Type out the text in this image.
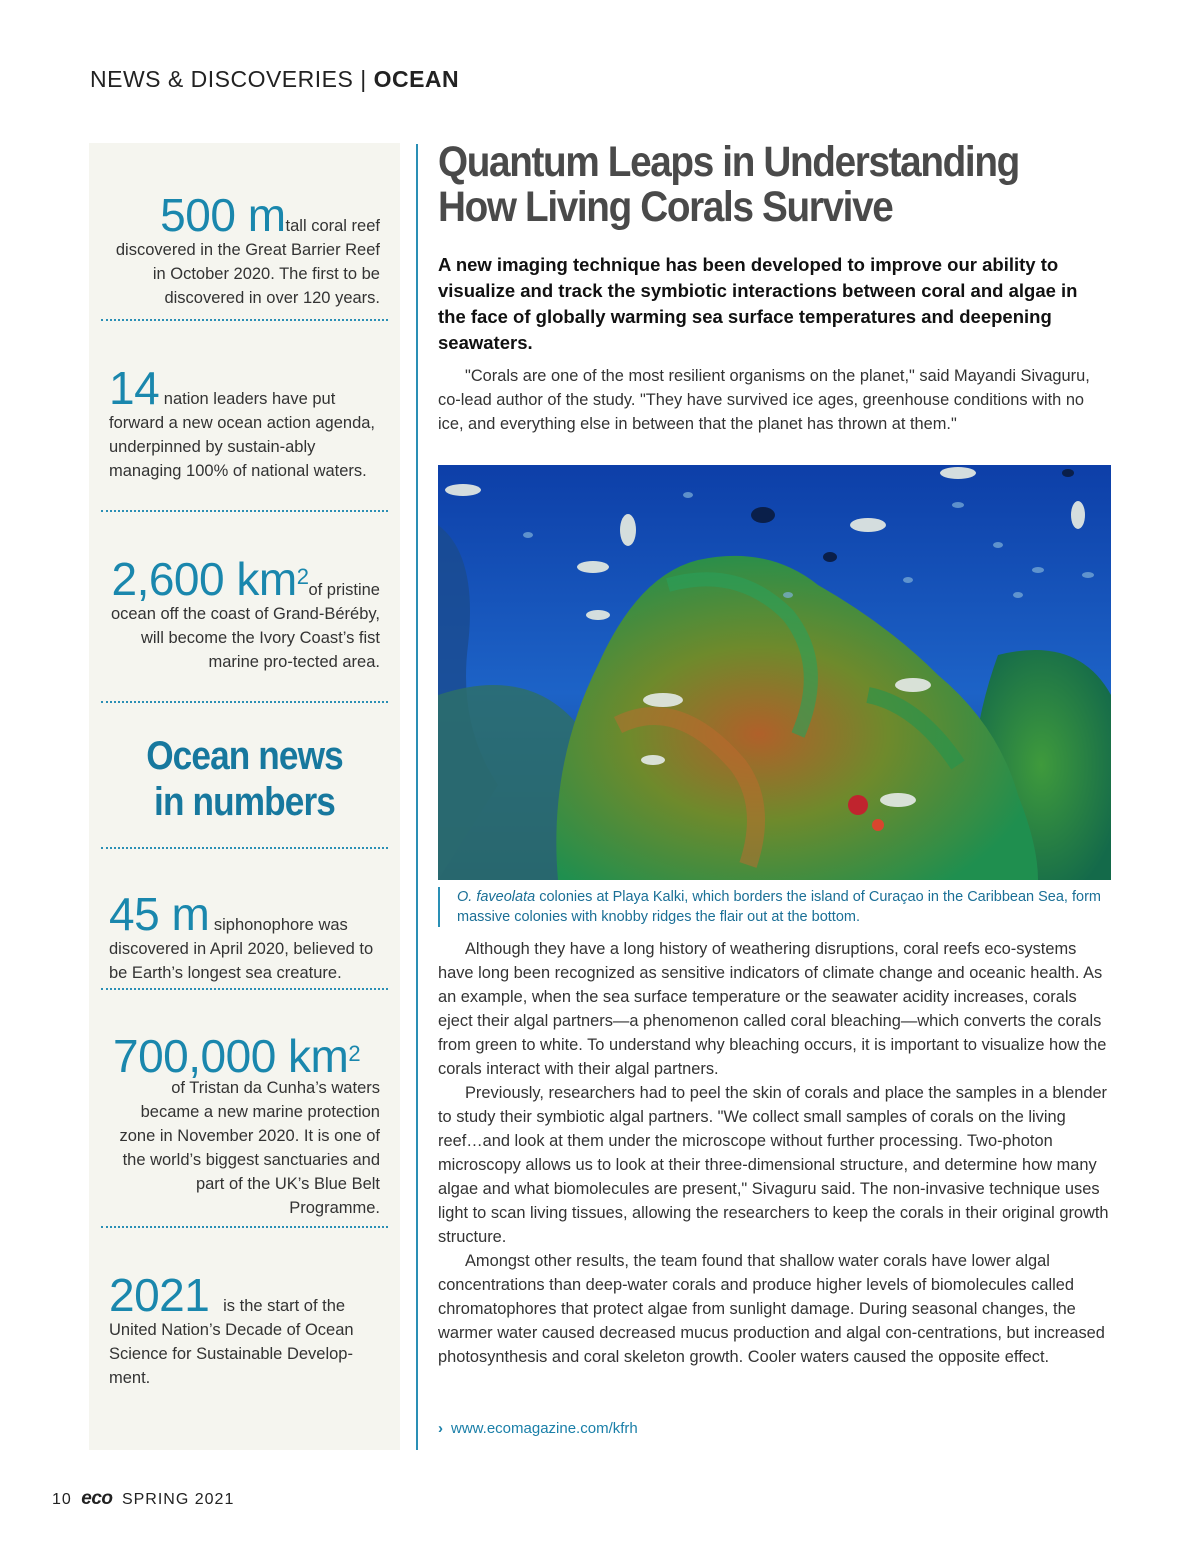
NEWS & DISCOVERIES | OCEAN
500 mtall coral reef discovered in the Great Barrier Reef in October 2020. The first to be discovered in over 120 years.
14 nation leaders have put forward a new ocean action agenda, underpinned by sustain-ably managing 100% of national waters.
2,600 $km^2of$ pristine ocean off the coast of Grand-Béréby, will become the Ivory Coast’s fist marine pro-tected area.
Ocean news
in numbers
45 m siphonophore was discovered in April 2020, believed to be Earth’s longest sea creature.
700,000 $km^2$
of Tristan da Cunha’s waters became a new marine protection zone in November 2020. It is one of the world’s biggest sanctuaries and part of the UK’s Blue Belt Programme.
2021 is the start of the United Nation’s Decade of Ocean Science for Sustainable Develop-ment.
Quantum Leaps in Understanding How Living Corals Survive
A new imaging technique has been developed to improve our ability to visualize and track the symbiotic interactions between coral and algae in the face of globally warming sea surface temperatures and deepening seawaters.

"Corals are one of the most resilient organisms on the planet," said Mayandi Sivaguru, co-lead author of the study. "They have survived ice ages, greenhouse conditions with no ice, and everything else in between that the planet has thrown at them."

O. faveolata colonies at Playa Kalki, which borders the island of Curaçao in the Caribbean Sea, form massive colonies with knobby ridges the flair out at the bottom.

Although they have a long history of weathering disruptions, coral reefs eco-systems have long been recognized as sensitive indicators of climate change and oceanic health. As an example, when the sea surface temperature or the seawater acidity increases, corals eject their algal partners—a phenomenon called coral bleaching—which converts the corals from green to white. To understand why bleaching occurs, it is important to visualize how the corals interact with their algal partners.

Previously, researchers had to peel the skin of corals and place the samples in a blender to study their symbiotic algal partners. "We collect small samples of corals on the living reef…and look at them under the microscope without further processing. Two-photon microscopy allows us to look at their three-dimensional structure, and determine how many algae and what biomolecules are present," Sivaguru said. The non-invasive technique uses light to scan living tissues, allowing the researchers to keep the corals in their original growth structure.

Amongst other results, the team found that shallow water corals have lower algal concentrations than deep-water corals and produce higher levels of biomolecules called chromatophores that protect algae from sunlight damage. During seasonal changes, the warmer water caused decreased mucus production and algal con-centrations, but increased photosynthesis and coral skeleton growth. Cooler waters caused the opposite effect.

› www.ecomagazine.com/kfrh
10 eco SPRING 2021
